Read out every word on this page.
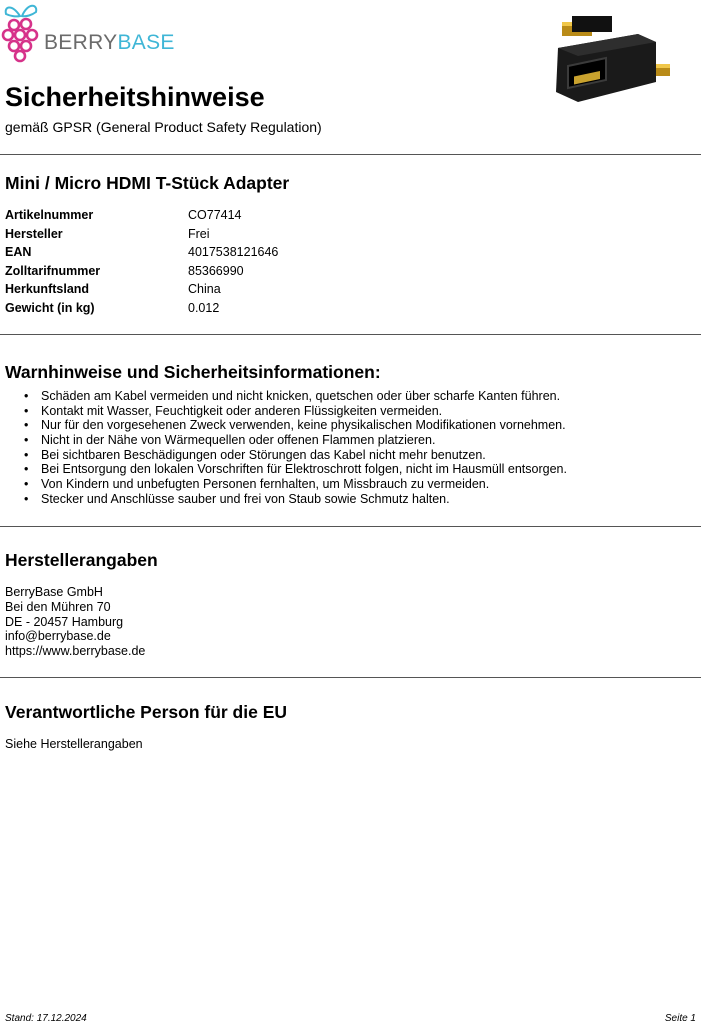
BERRYBASE
Sicherheitshinweise
gemäß GPSR (General Product Safety Regulation)
Mini / Micro HDMI T-Stück Adapter
Artikelnummer	CO77414
Hersteller	Frei
EAN	4017538121646
Zolltarifnummer	85366990
Herkunftsland	China
Gewicht (in kg)	0.012
Warnhinweise und Sicherheitsinformationen:
•	Schäden am Kabel vermeiden und nicht knicken, quetschen oder über scharfe Kanten führen.
•	Kontakt mit Wasser, Feuchtigkeit oder anderen Flüssigkeiten vermeiden.
•	Nur für den vorgesehenen Zweck verwenden, keine physikalischen Modifikationen vornehmen.
•	Nicht in der Nähe von Wärmequellen oder offenen Flammen platzieren.
•	Bei sichtbaren Beschädigungen oder Störungen das Kabel nicht mehr benutzen.
•	Bei Entsorgung den lokalen Vorschriften für Elektroschrott folgen, nicht im Hausmüll entsorgen.
•	Von Kindern und unbefugten Personen fernhalten, um Missbrauch zu vermeiden.
•	Stecker und Anschlüsse sauber und frei von Staub sowie Schmutz halten.
Herstellerangaben
BerryBase GmbH
Bei den Mühren 70
DE - 20457 Hamburg
info@berrybase.de
https://www.berrybase.de
Verantwortliche Person für die EU
Siehe Herstellerangaben
Stand: 17.12.2024	Seite 1
